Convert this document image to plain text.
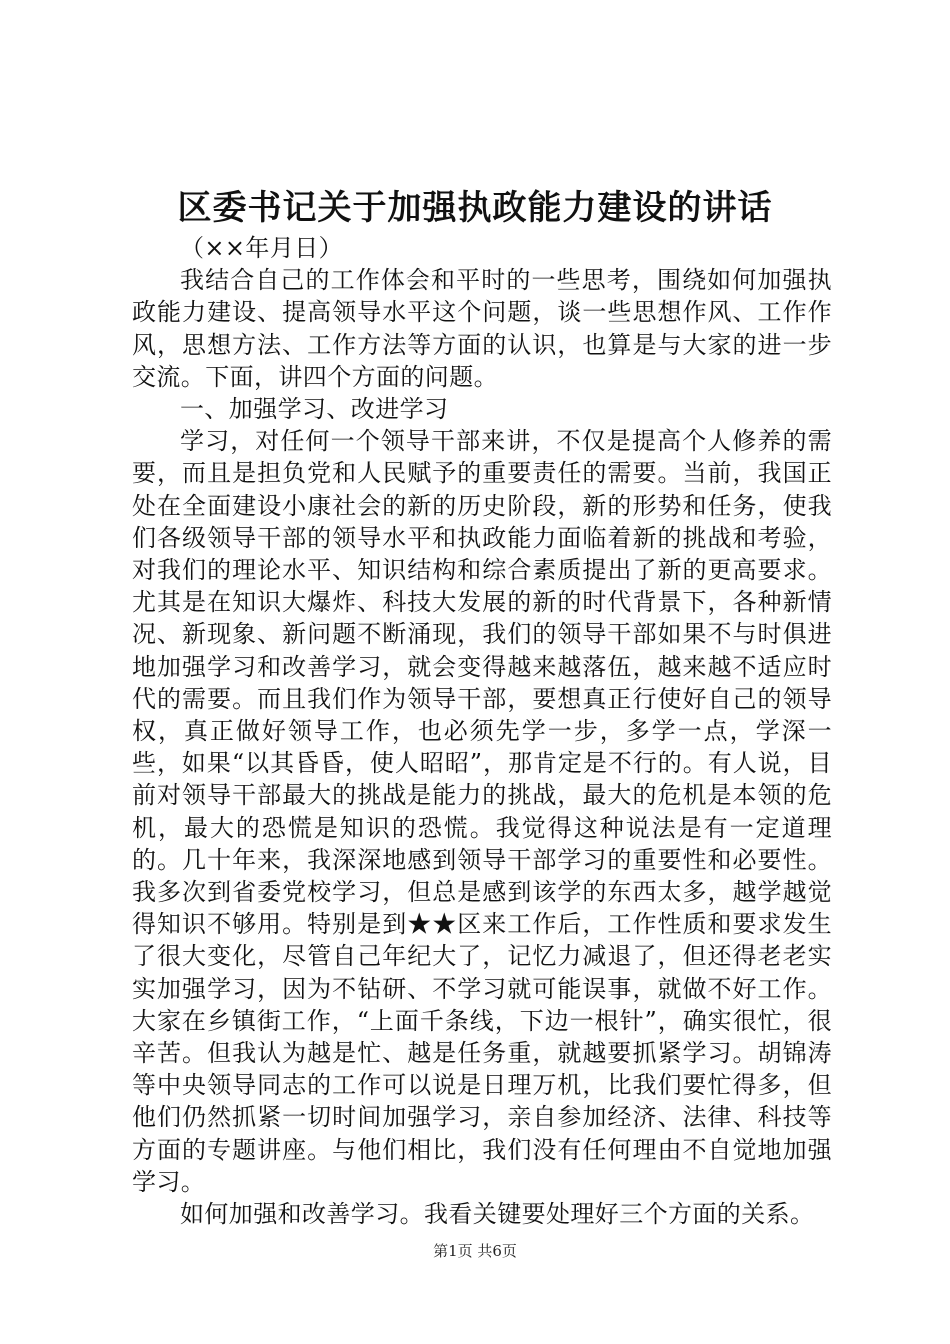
区委书记关于加强执政能力建设的讲话

（××年月日）

我结合自己的工作体会和平时的一些思考，围绕如何加强执政能力建设、提高领导水平这个问题，谈一些思想作风、工作作风，思想方法、工作方法等方面的认识，也算是与大家的进一步交流。下面，讲四个方面的问题。

一、加强学习、改进学习

学习，对任何一个领导干部来讲，不仅是提高个人修养的需要，而且是担负党和人民赋予的重要责任的需要。当前，我国正处在全面建设小康社会的新的历史阶段，新的形势和任务，使我们各级领导干部的领导水平和执政能力面临着新的挑战和考验，对我们的理论水平、知识结构和综合素质提出了新的更高要求。尤其是在知识大爆炸、科技大发展的新的时代背景下，各种新情况、新现象、新问题不断涌现，我们的领导干部如果不与时俱进地加强学习和改善学习，就会变得越来越落伍，越来越不适应时代的需要。而且我们作为领导干部，要想真正行使好自己的领导权，真正做好领导工作，也必须先学一步，多学一点，学深一些，如果“以其昏昏，使人昭昭”，那肯定是不行的。有人说，目前对领导干部最大的挑战是能力的挑战，最大的危机是本领的危机，最大的恐慌是知识的恐慌。我觉得这种说法是有一定道理的。几十年来，我深深地感到领导干部学习的重要性和必要性。我多次到省委党校学习，但总是感到该学的东西太多，越学越觉得知识不够用。特别是到★★区来工作后，工作性质和要求发生了很大变化，尽管自己年纪大了，记忆力减退了，但还得老老实实加强学习，因为不钻研、不学习就可能误事，就做不好工作。大家在乡镇街工作，“上面千条线，下边一根针”，确实很忙，很辛苦。但我认为越是忙、越是任务重，就越要抓紧学习。胡锦涛等中央领导同志的工作可以说是日理万机，比我们要忙得多，但他们仍然抓紧一切时间加强学习，亲自参加经济、法律、科技等方面的专题讲座。与他们相比，我们没有任何理由不自觉地加强学习。

如何加强和改善学习。我看关键要处理好三个方面的关系。

第1页 共6页
